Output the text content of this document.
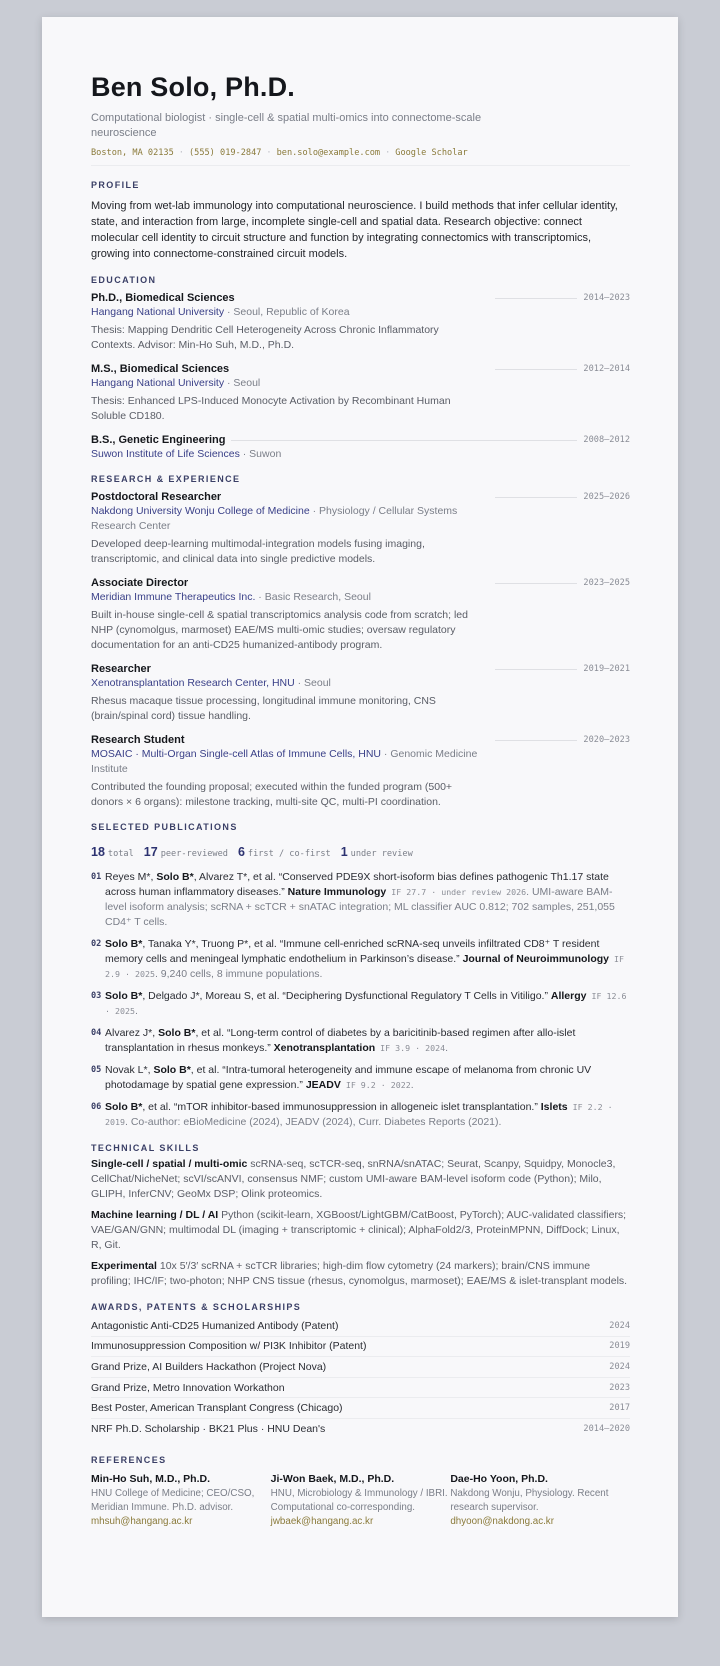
Ben Solo, Ph.D.
Computational biologist · single-cell & spatial multi-omics into connectome-scale neuroscience
Boston, MA 02135 · (555) 019-2847 · ben.solo@example.com · Google Scholar
PROFILE
Moving from wet-lab immunology into computational neuroscience. I build methods that infer cellular identity, state, and interaction from large, incomplete single-cell and spatial data. Research objective: connect molecular cell identity to circuit structure and function by integrating connectomics with transcriptomics, growing into connectome-constrained circuit models.
EDUCATION
Ph.D., Biomedical Sciences	2014–2023
Hangang National University · Seoul, Republic of Korea
Thesis: Mapping Dendritic Cell Heterogeneity Across Chronic Inflammatory Contexts. Advisor: Min-Ho Suh, M.D., Ph.D.
M.S., Biomedical Sciences	2012–2014
Hangang National University · Seoul
Thesis: Enhanced LPS-Induced Monocyte Activation by Recombinant Human Soluble CD180.
B.S., Genetic Engineering	2008–2012
Suwon Institute of Life Sciences · Suwon
RESEARCH & EXPERIENCE
Postdoctoral Researcher	2025–2026
Nakdong University Wonju College of Medicine · Physiology / Cellular Systems Research Center
Developed deep-learning multimodal-integration models fusing imaging, transcriptomic, and clinical data into single predictive models.
Associate Director	2023–2025
Meridian Immune Therapeutics Inc. · Basic Research, Seoul
Built in-house single-cell & spatial transcriptomics analysis code from scratch; led NHP (cynomolgus, marmoset) EAE/MS multi-omic studies; oversaw regulatory documentation for an anti-CD25 humanized-antibody program.
Researcher	2019–2021
Xenotransplantation Research Center, HNU · Seoul
Rhesus macaque tissue processing, longitudinal immune monitoring, CNS (brain/spinal cord) tissue handling.
Research Student	2020–2023
MOSAIC · Multi-Organ Single-cell Atlas of Immune Cells, HNU · Genomic Medicine Institute
Contributed the founding proposal; executed within the funded program (500+ donors × 6 organs): milestone tracking, multi-site QC, multi-PI coordination.
SELECTED PUBLICATIONS
18 total 17 peer-reviewed 6 first / co-first 1 under review
01 Reyes M*, Solo B*, Alvarez T*, et al. “Conserved PDE9X short-isoform bias defines pathogenic Th1.17 state across human inflammatory diseases.” Nature Immunology IF 27.7 · under review 2026. UMI-aware BAM-level isoform analysis; scRNA + scTCR + snATAC integration; ML classifier AUC 0.812; 702 samples, 251,055 CD4⁺ T cells.
02 Solo B*, Tanaka Y*, Truong P*, et al. “Immune cell-enriched scRNA-seq unveils infiltrated CD8⁺ T resident memory cells and meningeal lymphatic endothelium in Parkinson’s disease.” Journal of Neuroimmunology IF 2.9 · 2025. 9,240 cells, 8 immune populations.
03 Solo B*, Delgado J*, Moreau S, et al. “Deciphering Dysfunctional Regulatory T Cells in Vitiligo.” Allergy IF 12.6 · 2025.
04 Alvarez J*, Solo B*, et al. “Long-term control of diabetes by a baricitinib-based regimen after allo-islet transplantation in rhesus monkeys.” Xenotransplantation IF 3.9 · 2024.
05 Novak L*, Solo B*, et al. “Intra-tumoral heterogeneity and immune escape of melanoma from chronic UV photodamage by spatial gene expression.” JEADV IF 9.2 · 2022.
06 Solo B*, et al. “mTOR inhibitor-based immunosuppression in allogeneic islet transplantation.” Islets IF 2.2 · 2019. Co-author: eBioMedicine (2024), JEADV (2024), Curr. Diabetes Reports (2021).
TECHNICAL SKILLS
Single-cell / spatial / multi-omic scRNA-seq, scTCR-seq, snRNA/snATAC; Seurat, Scanpy, Squidpy, Monocle3, CellChat/NicheNet; scVI/scANVI, consensus NMF; custom UMI-aware BAM-level isoform code (Python); Milo, GLIPH, InferCNV; GeoMx DSP; Olink proteomics.
Machine learning / DL / AI Python (scikit-learn, XGBoost/LightGBM/CatBoost, PyTorch); AUC-validated classifiers; VAE/GAN/GNN; multimodal DL (imaging + transcriptomic + clinical); AlphaFold2/3, ProteinMPNN, DiffDock; Linux, R, Git.
Experimental 10x 5′/3′ scRNA + scTCR libraries; high-dim flow cytometry (24 markers); brain/CNS immune profiling; IHC/IF; two-photon; NHP CNS tissue (rhesus, cynomolgus, marmoset); EAE/MS & islet-transplant models.
AWARDS, PATENTS & SCHOLARSHIPS
Antagonistic Anti-CD25 Humanized Antibody (Patent)	2024
Immunosuppression Composition w/ PI3K Inhibitor (Patent)	2019
Grand Prize, AI Builders Hackathon (Project Nova)	2024
Grand Prize, Metro Innovation Workathon	2023
Best Poster, American Transplant Congress (Chicago)	2017
NRF Ph.D. Scholarship · BK21 Plus · HNU Dean's	2014–2020
REFERENCES
Min-Ho Suh, M.D., Ph.D.
HNU College of Medicine; CEO/CSO, Meridian Immune. Ph.D. advisor.
mhsuh@hangang.ac.kr
Ji-Won Baek, M.D., Ph.D.
HNU, Microbiology & Immunology / IBRI. Computational co-corresponding.
jwbaek@hangang.ac.kr
Dae-Ho Yoon, Ph.D.
Nakdong Wonju, Physiology. Recent research supervisor.
dhyoon@nakdong.ac.kr
